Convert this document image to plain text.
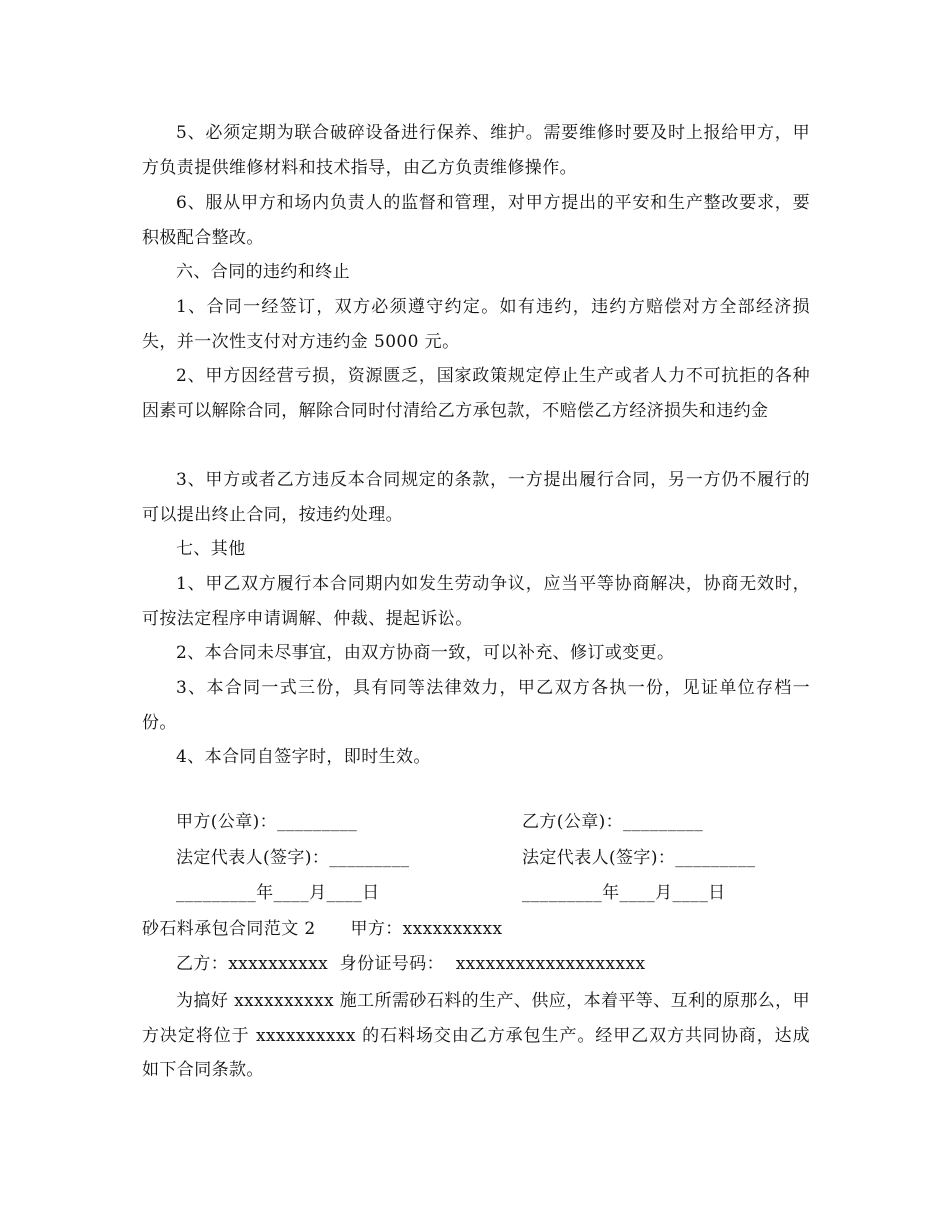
5、必须定期为联合破碎设备进行保养、维护。需要维修时要及时上报给甲方，甲方负责提供维修材料和技术指导，由乙方负责维修操作。

6、服从甲方和场内负责人的监督和管理，对甲方提出的平安和生产整改要求，要积极配合整改。

六、合同的违约和终止

1、合同一经签订，双方必须遵守约定。如有违约，违约方赔偿对方全部经济损失，并一次性支付对方违约金 5000 元。

2、甲方因经营亏损，资源匮乏，国家政策规定停止生产或者人力不可抗拒的各种因素可以解除合同，解除合同时付清给乙方承包款，不赔偿乙方经济损失和违约金

3、甲方或者乙方违反本合同规定的条款，一方提出履行合同，另一方仍不履行的可以提出终止合同，按违约处理。

七、其他

1、甲乙双方履行本合同期内如发生劳动争议，应当平等协商解决，协商无效时，可按法定程序申请调解、仲裁、提起诉讼。

2、本合同未尽事宜，由双方协商一致，可以补充、修订或变更。

3、本合同一式三份，具有同等法律效力，甲乙双方各执一份，见证单位存档一份。

4、本合同自签字时，即时生效。

甲方(公章)：_________	乙方(公章)：_________
法定代表人(签字)：_________	法定代表人(签字)：_________
_________年____月____日	_________年____月____日
砂石料承包合同范文 2      甲方：xxxxxxxxxx
乙方：xxxxxxxxxx  身份证号码：  xxxxxxxxxxxxxxxxxxx

为搞好 xxxxxxxxxx 施工所需砂石料的生产、供应，本着平等、互利的原那么，甲方决定将位于 xxxxxxxxxx 的石料场交由乙方承包生产。经甲乙双方共同协商，达成如下合同条款。
